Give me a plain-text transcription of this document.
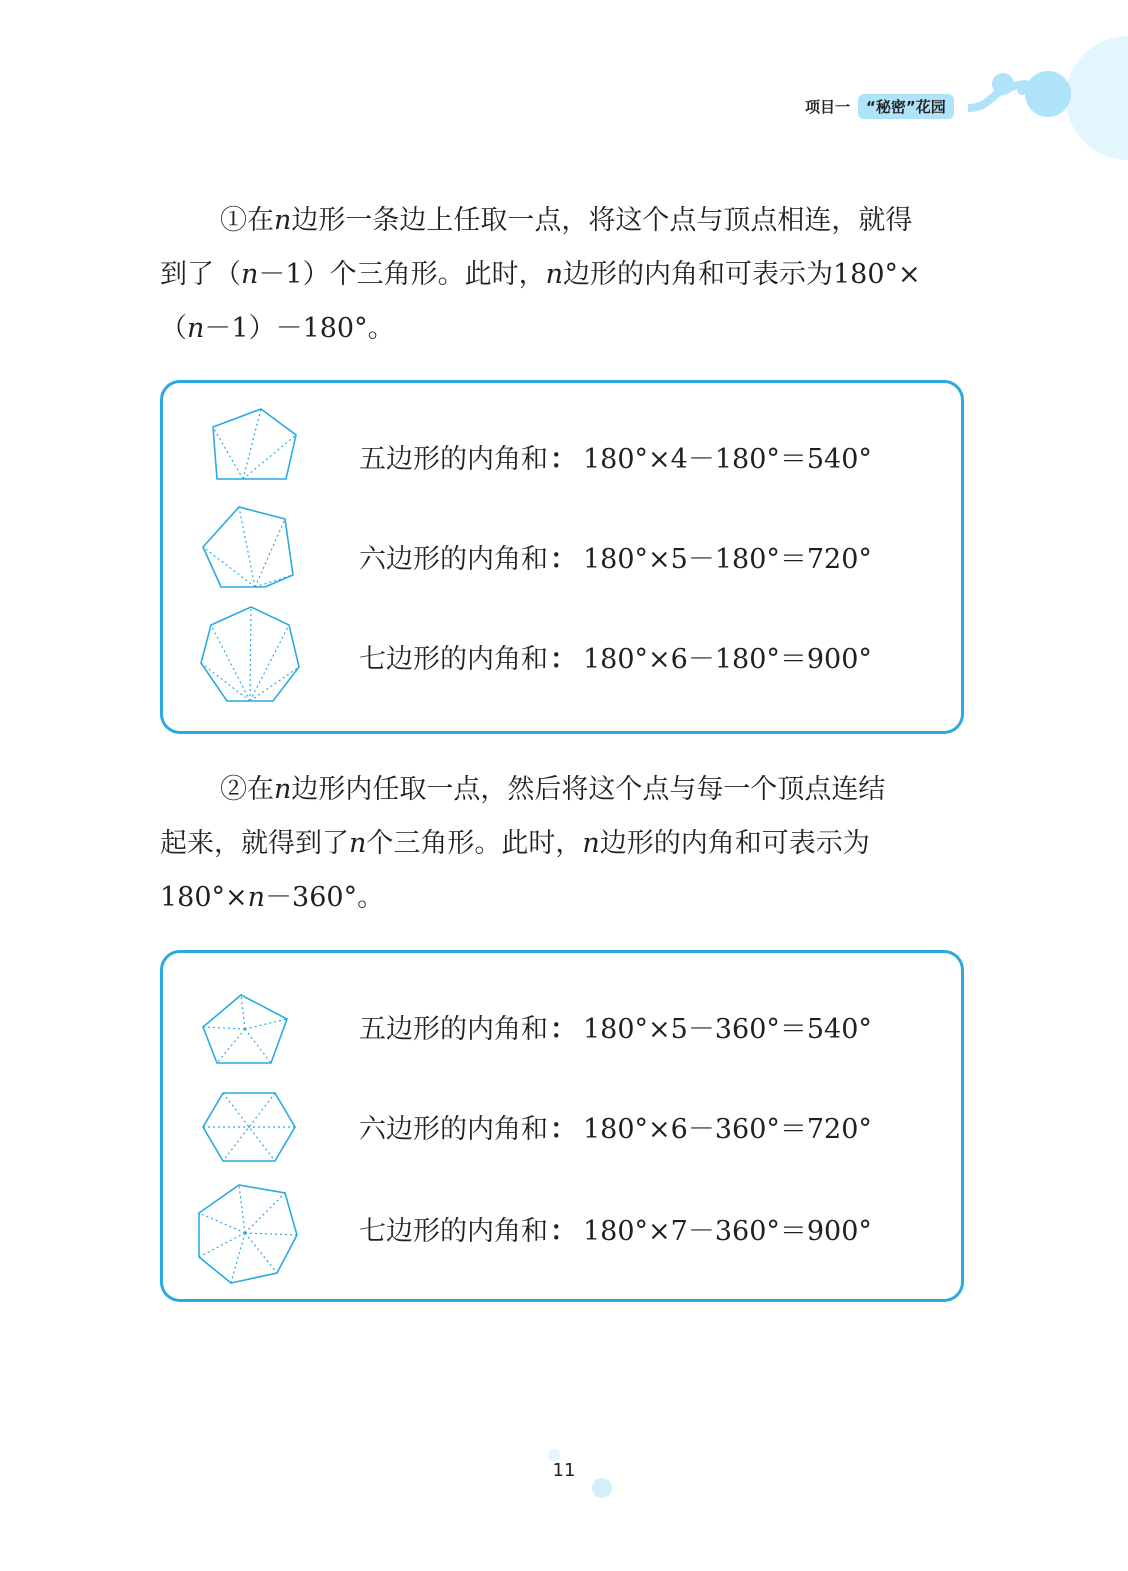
项目一	“秘密”花园

①在n边形一条边上任取一点，将这个点与顶点相连，就得

到了（n－1）个三角形。此时，n边形的内角和可表示为180°×

（n－1）－180°。

五边形的内角和： 180°×4－180°＝540°
六边形的内角和： 180°×5－180°＝720°
七边形的内角和： 180°×6－180°＝900°

②在n边形内任取一点，然后将这个点与每一个顶点连结

起来，就得到了n个三角形。此时，n边形的内角和可表示为

180°×n－360°。

五边形的内角和： 180°×5－360°＝540°
六边形的内角和： 180°×6－360°＝720°
七边形的内角和： 180°×7－360°＝900°
11
